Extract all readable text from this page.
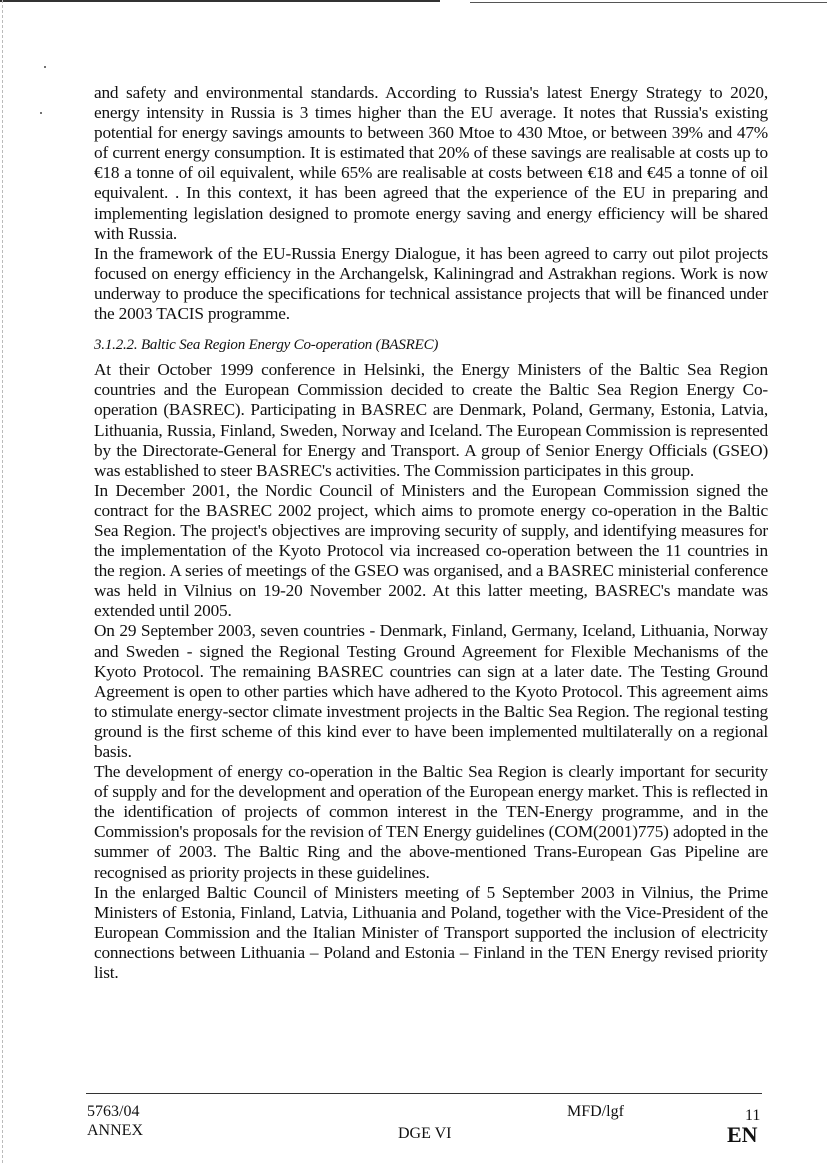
and safety and environmental standards. According to Russia's latest Energy Strategy to 2020, energy intensity in Russia is 3 times higher than the EU average. It notes that Russia's existing potential for energy savings amounts to between 360 Mtoe to 430 Mtoe, or between 39% and 47% of current energy consumption. It is estimated that 20% of these savings are realisable at costs up to €18 a tonne of oil equivalent, while 65% are realisable at costs between €18 and €45 a tonne of oil equivalent. . In this context, it has been agreed that the experience of the EU in preparing and implementing legislation designed to promote energy saving and energy efficiency will be shared with Russia.

In the framework of the EU-Russia Energy Dialogue, it has been agreed to carry out pilot projects focused on energy efficiency in the Archangelsk, Kaliningrad and Astrakhan regions. Work is now underway to produce the specifications for technical assistance projects that will be financed under the 2003 TACIS programme.

3.1.2.2. Baltic Sea Region Energy Co-operation (BASREC)

At their October 1999 conference in Helsinki, the Energy Ministers of the Baltic Sea Region countries and the European Commission decided to create the Baltic Sea Region Energy Co-operation (BASREC). Participating in BASREC are Denmark, Poland, Germany, Estonia, Latvia, Lithuania, Russia, Finland, Sweden, Norway and Iceland. The European Commission is represented by the Directorate-General for Energy and Transport. A group of Senior Energy Officials (GSEO) was established to steer BASREC's activities. The Commission participates in this group.

In December 2001, the Nordic Council of Ministers and the European Commission signed the contract for the BASREC 2002 project, which aims to promote energy co-operation in the Baltic Sea Region. The project's objectives are improving security of supply, and identifying measures for the implementation of the Kyoto Protocol via increased co-operation between the 11 countries in the region. A series of meetings of the GSEO was organised, and a BASREC ministerial conference was held in Vilnius on 19-20 November 2002. At this latter meeting, BASREC's mandate was extended until 2005.

On 29 September 2003, seven countries - Denmark, Finland, Germany, Iceland, Lithuania, Norway and Sweden - signed the Regional Testing Ground Agreement for Flexible Mechanisms of the Kyoto Protocol. The remaining BASREC countries can sign at a later date. The Testing Ground Agreement is open to other parties which have adhered to the Kyoto Protocol. This agreement aims to stimulate energy-sector climate investment projects in the Baltic Sea Region. The regional testing ground is the first scheme of this kind ever to have been implemented multilaterally on a regional basis.

The development of energy co-operation in the Baltic Sea Region is clearly important for security of supply and for the development and operation of the European energy market. This is reflected in the identification of projects of common interest in the TEN-Energy programme, and in the Commission's proposals for the revision of TEN Energy guidelines (COM(2001)775) adopted in the summer of 2003. The Baltic Ring and the above-mentioned Trans-European Gas Pipeline are recognised as priority projects in these guidelines.

In the enlarged Baltic Council of Ministers meeting of 5 September 2003 in Vilnius, the Prime Ministers of Estonia, Finland, Latvia, Lithuania and Poland, together with the Vice-President of the European Commission and the Italian Minister of Transport supported the inclusion of electricity connections between Lithuania – Poland and Estonia – Finland in the TEN Energy revised priority list.

5763/04
ANNEX	DGE VI
MFD/lgf	11
EN
